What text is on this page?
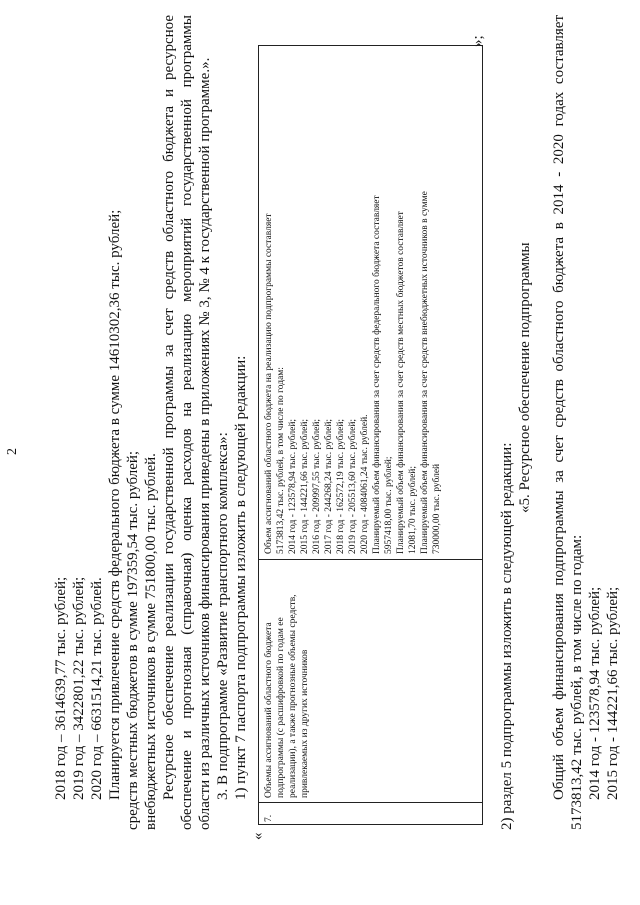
2
2018 год – 3614639,77 тыс. рублей; 2019 год – 3422801,22 тыс. рублей; 2020 год – 6631514,21 тыс. рублей. Планируется привлечение средств федерального бюджета в сумме 14610302,36 тыс. рублей; средств местных бюджетов в сумме 197359,54 тыс. рублей; внебюджетных источников в сумме 751800,00 тыс. рублей. Ресурсное обеспечение реализации государственной программы за счет средств областного бюджета и ресурсное обеспечение и прогнозная (справочная) оценка расходов на реализацию мероприятий государственной программы области из различных источников финансирования приведены в приложениях № 3, № 4 к государственной программе.». 3. В подпрограмме «Развитие транспортного комплекса»: 1) пункт 7 паспорта подпрограммы изложить в следующей редакции:
«
7.
Объемы ассигнований областного бюджета подпрограммы (с расшифровкой по годам ее реализации), а также прогнозные объемы средств, привлекаемых из других источников
Объем ассигнований областного бюджета на реализацию подпрограммы составляет 5173813,42 тыс. рублей, в том числе по годам: 2014 год - 123578,94 тыс. рублей; 2015 год - 144221,66 тыс. рублей; 2016 год - 209997,55 тыс. рублей; 2017 год - 244268,24 тыс. рублей; 2018 год - 162572,19 тыс. рублей; 2019 год - 205513,60 тыс. рублей; 2020 год - 4084061,24 тыс. рублей. Планируемый объем финансирования за счет средств федерального бюджета составляет 5957418,00 тыс. рублей; Планируемый объем финансирования за счет средств местных бюджетов составляет 12081,70 тыс. рублей; Планируемый объем финансирования за счет средств внебюджетных источников в сумме 730000,00 тыс. рублей
»;
2) раздел 5 подпрограммы изложить в следующей редакции:
«5. Ресурсное обеспечение подпрограммы Общий объем финансирования подпрограммы за счет средств областного бюджета в 2014 - 2020 годах составляет 5173813,42 тыс. рублей, в том числе по годам: 2014 год - 123578,94 тыс. рублей; 2015 год - 144221,66 тыс. рублей;
